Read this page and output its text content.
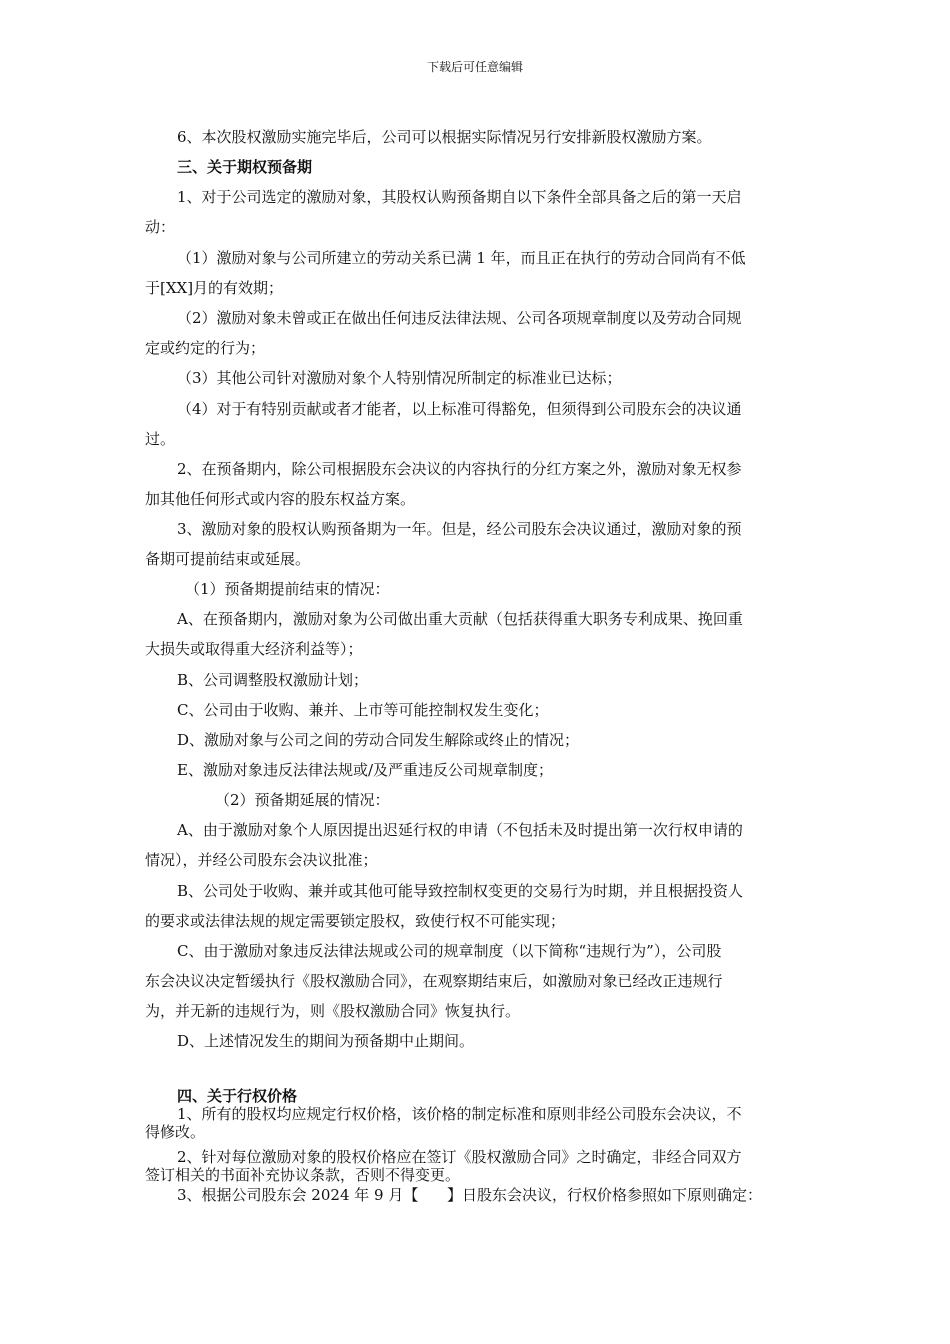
下载后可任意编辑

6、本次股权激励实施完毕后，公司可以根据实际情况另行安排新股权激励方案。

三、关于期权预备期

1、对于公司选定的激励对象，其股权认购预备期自以下条件全部具备之后的第一天启

动：

（1）激励对象与公司所建立的劳动关系已满 1 年，而且正在执行的劳动合同尚有不低

于[XX]月的有效期；

（2）激励对象未曾或正在做出任何违反法律法规、公司各项规章制度以及劳动合同规

定或约定的行为；

（3）其他公司针对激励对象个人特别情况所制定的标准业已达标；

（4）对于有特别贡献或者才能者，以上标准可得豁免，但须得到公司股东会的决议通

过。

2、在预备期内，除公司根据股东会决议的内容执行的分红方案之外，激励对象无权参

加其他任何形式或内容的股东权益方案。

3、激励对象的股权认购预备期为一年。但是，经公司股东会决议通过，激励对象的预

备期可提前结束或延展。

（1）预备期提前结束的情况：

A、在预备期内，激励对象为公司做出重大贡献（包括获得重大职务专利成果、挽回重

大损失或取得重大经济利益等）；

B、公司调整股权激励计划；

C、公司由于收购、兼并、上市等可能控制权发生变化；

D、激励对象与公司之间的劳动合同发生解除或终止的情况；

E、激励对象违反法律法规或/及严重违反公司规章制度；

（2）预备期延展的情况：

A、由于激励对象个人原因提出迟延行权的申请（不包括未及时提出第一次行权申请的

情况），并经公司股东会决议批准；

B、公司处于收购、兼并或其他可能导致控制权变更的交易行为时期，并且根据投资人

的要求或法律法规的规定需要锁定股权，致使行权不可能实现；

C、由于激励对象违反法律法规或公司的规章制度（以下简称“违规行为”），公司股

东会决议决定暂缓执行《股权激励合同》，在观察期结束后，如激励对象已经改正违规行

为，并无新的违规行为，则《股权激励合同》恢复执行。

D、上述情况发生的期间为预备期中止期间。

四、关于行权价格

1、所有的股权均应规定行权价格，该价格的制定标准和原则非经公司股东会决议，不

得修改。

2、针对每位激励对象的股权价格应在签订《股权激励合同》之时确定，非经合同双方

签订相关的书面补充协议条款，否则不得变更。

3、根据公司股东会 2024 年 9 月【      】日股东会决议，行权价格参照如下原则确定：
